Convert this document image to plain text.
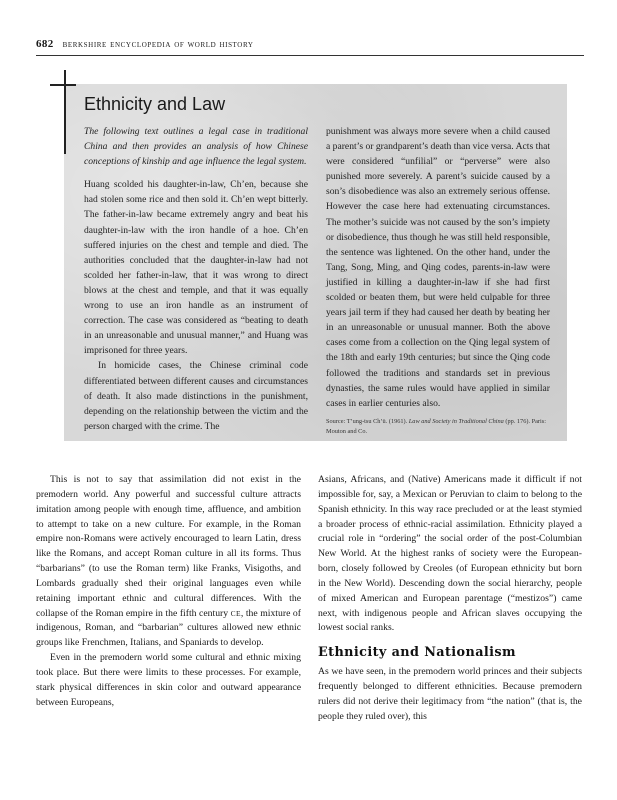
682 berkshire encyclopedia of world history
Ethnicity and Law

The following text outlines a legal case in traditional China and then provides an analysis of how Chinese conceptions of kinship and age influence the legal system.

Huang scolded his daughter-in-law, Ch’en, because she had stolen some rice and then sold it. Ch’en wept bitterly. The father-in-law became extremely angry and beat his daughter-in-law with the iron handle of a hoe. Ch’en suffered injuries on the chest and temple and died. The authorities concluded that the daughter-in-law had not scolded her father-in-law, that it was wrong to direct blows at the chest and temple, and that it was equally wrong to use an iron handle as an instrument of correction. The case was considered as “beating to death in an unreasonable and unusual manner,” and Huang was imprisoned for three years.

In homicide cases, the Chinese criminal code differentiated between different causes and circumstances of death. It also made distinctions in the punishment, depending on the relationship between the victim and the person charged with the crime. The

punishment was always more severe when a child caused a parent’s or grandparent’s death than vice versa. Acts that were considered “unfilial” or “perverse” were also punished more severely. A parent’s suicide caused by a son’s disobedience was also an extremely serious offense. However the case here had extenuating circumstances. The mother’s suicide was not caused by the son’s impiety or disobedience, thus though he was still held responsible, the sentence was lightened. On the other hand, under the Tang, Song, Ming, and Qing codes, parents-in-law were justified in killing a daughter-in-law if she had first scolded or beaten them, but were held culpable for three years jail term if they had caused her death by beating her in an unreasonable or unusual manner. Both the above cases come from a collection on the Qing legal system of the 18th and early 19th centuries; but since the Qing code followed the traditions and standards set in previous dynasties, the same rules would have applied in similar cases in earlier centuries also.

Source: T’ung-tsu Ch’ü. (1961). Law and Society in Traditional China (pp. 176). Paris: Mouton and Co.

This is not to say that assimilation did not exist in the premodern world. Any powerful and successful culture attracts imitation among people with enough time, affluence, and ambition to attempt to take on a new culture. For example, in the Roman empire non-Romans were actively encouraged to learn Latin, dress like the Romans, and accept Roman culture in all its forms. Thus “barbarians” (to use the Roman term) like Franks, Visigoths, and Lombards gradually shed their original languages even while retaining important ethnic and cultural differences. With the collapse of the Roman empire in the fifth century CE, the mixture of indigenous, Roman, and “barbarian” cultures allowed new ethnic groups like Frenchmen, Italians, and Spaniards to develop.

Even in the premodern world some cultural and ethnic mixing took place. But there were limits to these processes. For example, stark physical differences in skin color and outward appearance between Europeans,

Asians, Africans, and (Native) Americans made it difficult if not impossible for, say, a Mexican or Peruvian to claim to belong to the Spanish ethnicity. In this way race precluded or at the least stymied a broader process of ethnic-racial assimilation. Ethnicity played a crucial role in “ordering” the social order of the post-Columbian New World. At the highest ranks of society were the European-born, closely followed by Creoles (of European ethnicity but born in the New World). Descending down the social hierarchy, people of mixed American and European parentage (“mestizos”) came next, with indigenous people and African slaves occupying the lowest social ranks.

Ethnicity and Nationalism

As we have seen, in the premodern world princes and their subjects frequently belonged to different ethnicities. Because premodern rulers did not derive their legitimacy from “the nation” (that is, the people they ruled over), this
